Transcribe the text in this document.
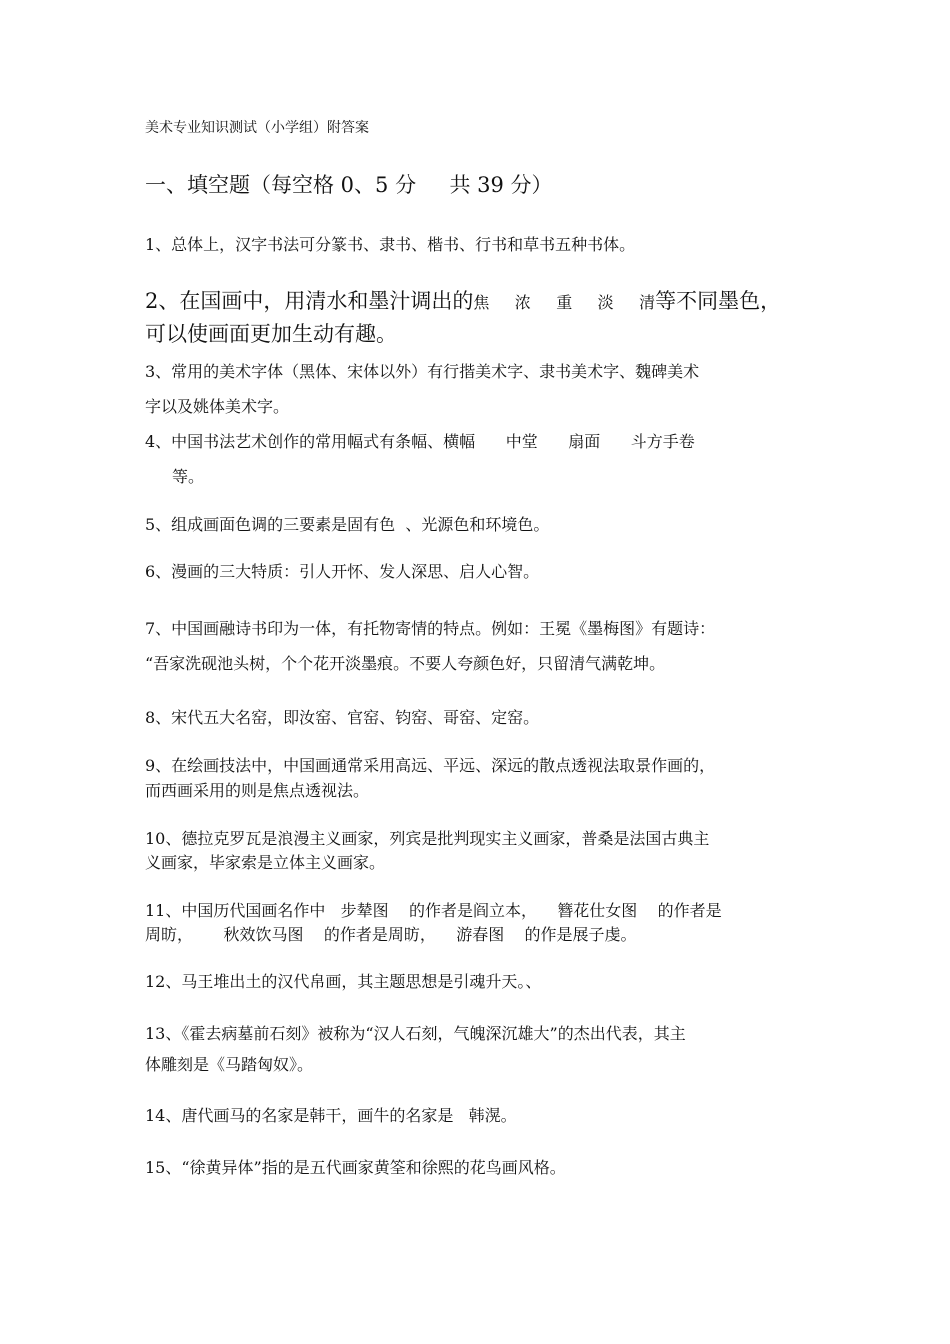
美术专业知识测试（小学组）附答案
一、填空题（每空格 0、5 分     共 39 分）
1、总体上，汉字书法可分篆书、隶书、楷书、行书和草书五种书体。
2、在国画中，用清水和墨汁调出的焦     浓     重     淡     清等不同墨色，
可以使画面更加生动有趣。
3、常用的美术字体（黑体、宋体以外）有行揩美术字、隶书美术字、魏碑美术
字以及姚体美术字。
4、中国书法艺术创作的常用幅式有条幅、横幅      中堂      扇面      斗方手卷
等。
5、组成画面色调的三要素是固有色  、光源色和环境色。
6、漫画的三大特质：引人开怀、发人深思、启人心智。
7、中国画融诗书印为一体，有托物寄情的特点。例如：王冕《墨梅图》有题诗：
“吾家洗砚池头树，个个花开淡墨痕。不要人夸颜色好，只留清气满乾坤。
8、宋代五大名窑，即汝窑、官窑、钧窑、哥窑、定窑。
9、在绘画技法中，中国画通常采用高远、平远、深远的散点透视法取景作画的，
而西画采用的则是焦点透视法。
10、德拉克罗瓦是浪漫主义画家，列宾是批判现实主义画家，普桑是法国古典主
义画家，毕家索是立体主义画家。
11、中国历代国画名作中   步辇图    的作者是阎立本，    簪花仕女图    的作者是
周昉，      秋效饮马图    的作者是周昉，    游春图    的作是展子虔。
12、马王堆出土的汉代帛画，其主题思想是引魂升天。、
13、《霍去病墓前石刻》被称为“汉人石刻，气魄深沉雄大”的杰出代表，其主
体雕刻是《马踏匈奴》。
14、唐代画马的名家是韩干，画牛的名家是   韩滉。
15、“徐黄异体”指的是五代画家黄筌和徐熙的花鸟画风格。
